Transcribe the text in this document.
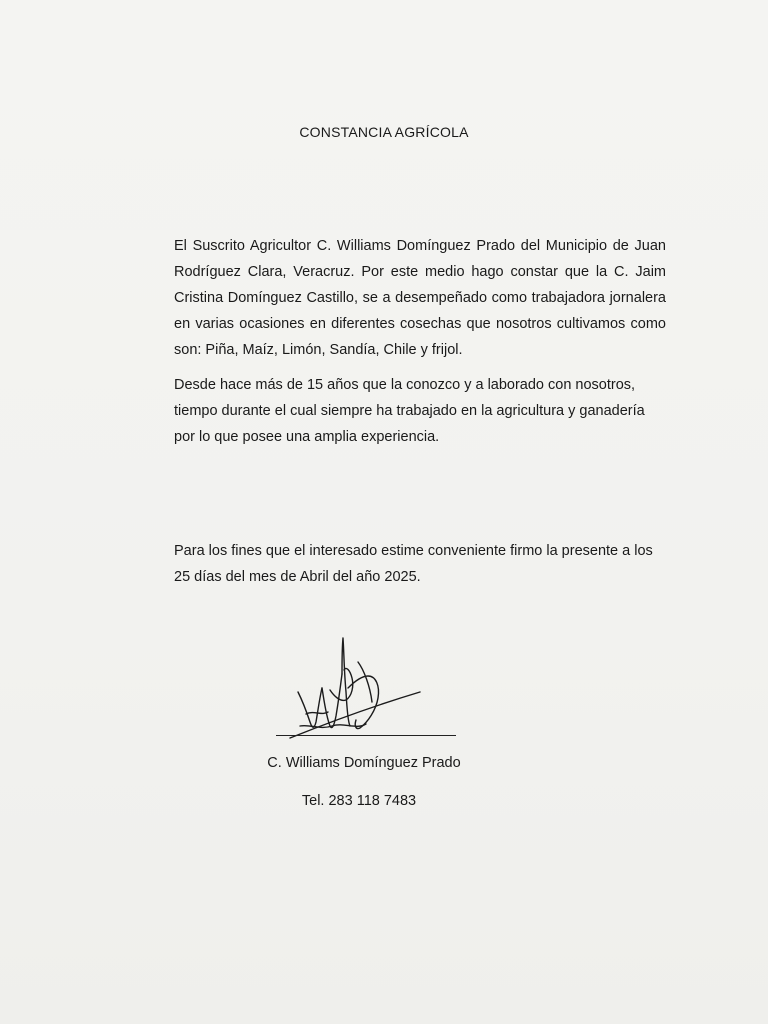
CONSTANCIA AGRÍCOLA

El Suscrito Agricultor C. Williams Domínguez Prado del Municipio de Juan Rodríguez Clara, Veracruz. Por este medio hago constar que la C. Jaim Cristina Domínguez Castillo, se a desempeñado como trabajadora jornalera en varias ocasiones en diferentes cosechas que nosotros cultivamos como son: Piña, Maíz, Limón, Sandía, Chile y frijol.

Desde hace más de 15 años que la conozco y a laborado con nosotros, tiempo durante el cual siempre ha trabajado en la agricultura y ganadería por lo que posee una amplia experiencia.

Para los fines que el interesado estime conveniente firmo la presente a los 25 días del mes de Abril del año 2025.

C. Williams Domínguez Prado
Tel. 283 118 7483
